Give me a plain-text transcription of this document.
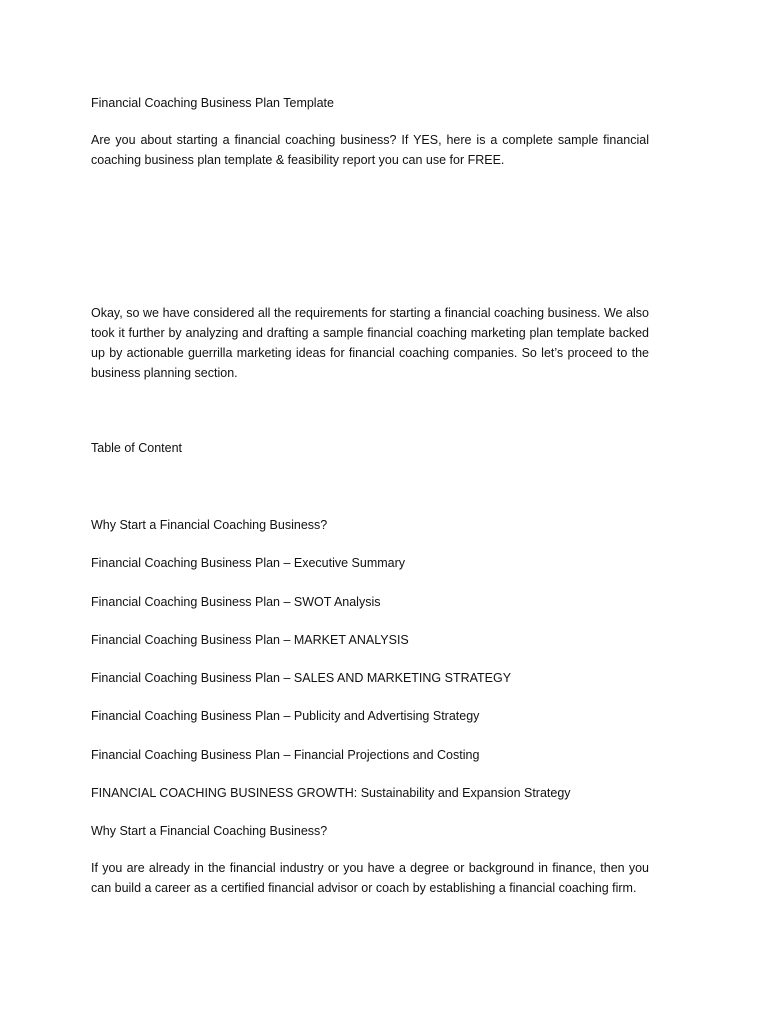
Financial Coaching Business Plan Template

Are you about starting a financial coaching business? If YES, here is a complete sample financial coaching business plan template & feasibility report you can use for FREE.

Okay, so we have considered all the requirements for starting a financial coaching business. We also took it further by analyzing and drafting a sample financial coaching marketing plan template backed up by actionable guerrilla marketing ideas for financial coaching companies. So let’s proceed to the business planning section.

Table of Content

Why Start a Financial Coaching Business?
Financial Coaching Business Plan – Executive Summary
Financial Coaching Business Plan – SWOT Analysis
Financial Coaching Business Plan – MARKET ANALYSIS
Financial Coaching Business Plan – SALES AND MARKETING STRATEGY
Financial Coaching Business Plan – Publicity and Advertising Strategy
Financial Coaching Business Plan – Financial Projections and Costing
FINANCIAL COACHING BUSINESS GROWTH: Sustainability and Expansion Strategy
Why Start a Financial Coaching Business?

If you are already in the financial industry or you have a degree or background in finance, then you can build a career as a certified financial advisor or coach by establishing a financial coaching firm.
